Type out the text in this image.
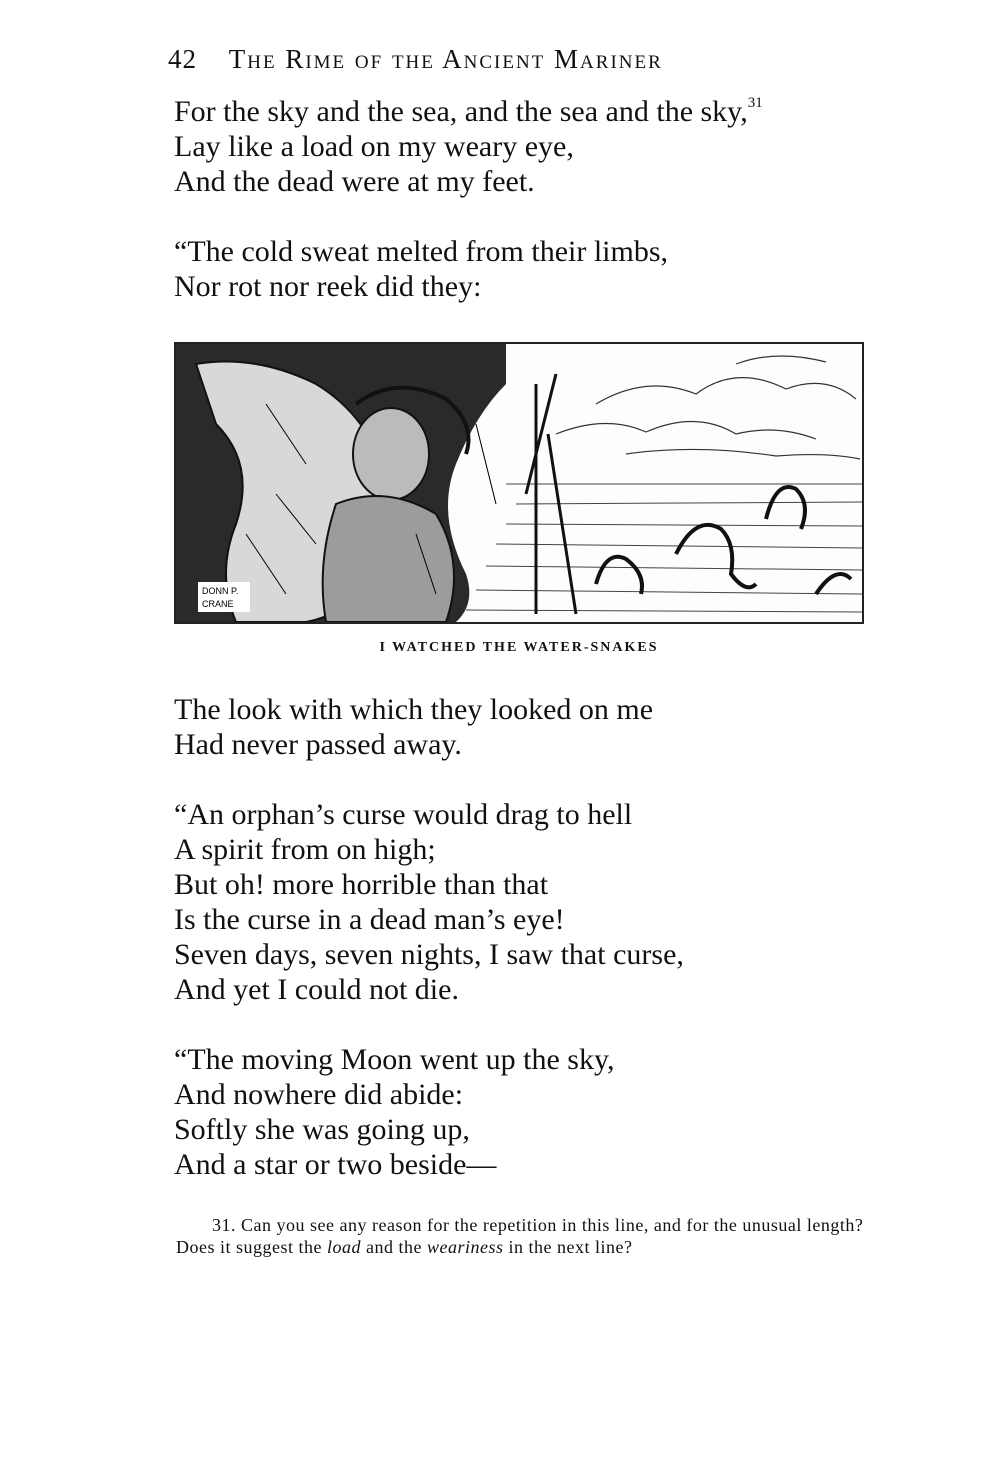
42 The Rime of the Ancient Mariner
For the sky and the sea, and the sea and the sky,$^{31}$
Lay like a load on my weary eye,
And the dead were at my feet.
“The cold sweat melted from their limbs,
Nor rot nor reek did they:
DONN P.
CRANE
I WATCHED THE WATER-SNAKES
The look with which they looked on me
Had never passed away.
“An orphan’s curse would drag to hell
A spirit from on high;
But oh! more horrible than that
Is the curse in a dead man’s eye!
Seven days, seven nights, I saw that curse,
And yet I could not die.
“The moving Moon went up the sky,
And nowhere did abide:
Softly she was going up,
And a star or two beside—
31. Can you see any reason for the repetition in this line, and for the unusual length? Does it suggest the load and the weariness in the next line?
